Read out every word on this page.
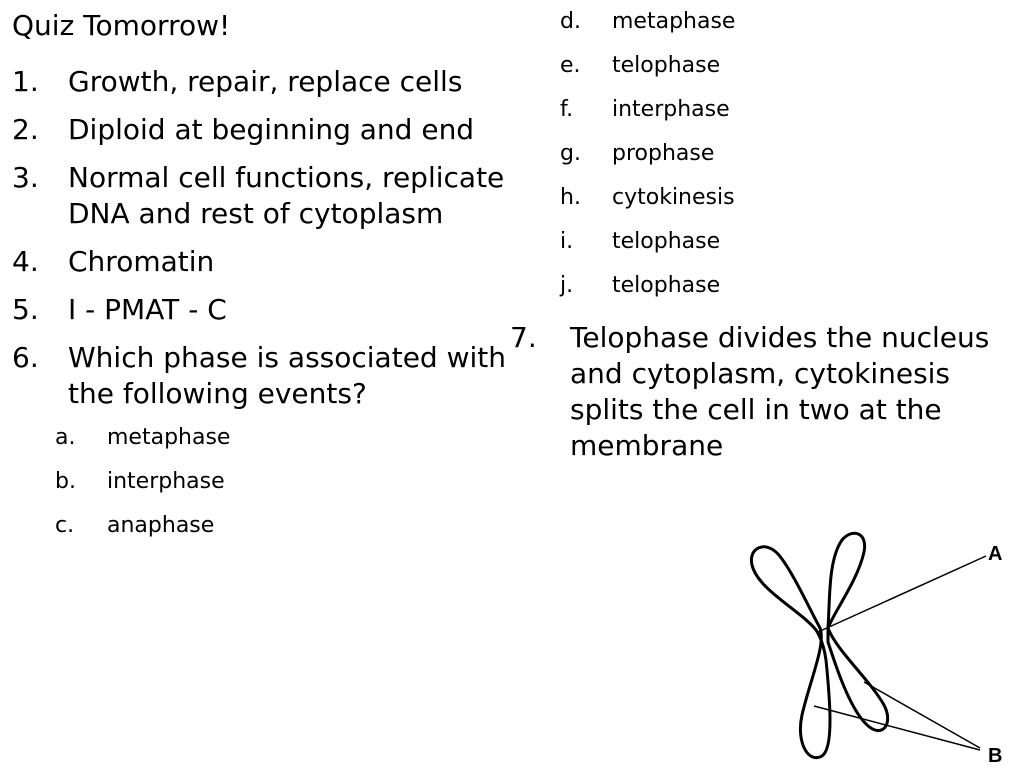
Quiz Tomorrow!
1.	Growth, repair, replace cells
2.	Diploid at beginning and end
3.	Normal cell functions, replicate DNA and rest of cytoplasm
4.	Chromatin
5.	I - PMAT - C
6.	Which phase is associated with the following events?
a.	metaphase
b.	interphase
c.	anaphase
d.	metaphase
e.	telophase
f.	interphase
g.	prophase
h.	cytokinesis
i.	telophase
j.	telophase
7.	Telophase divides the nucleus and cytoplasm, cytokinesis splits the cell in two at the membrane
A
B
